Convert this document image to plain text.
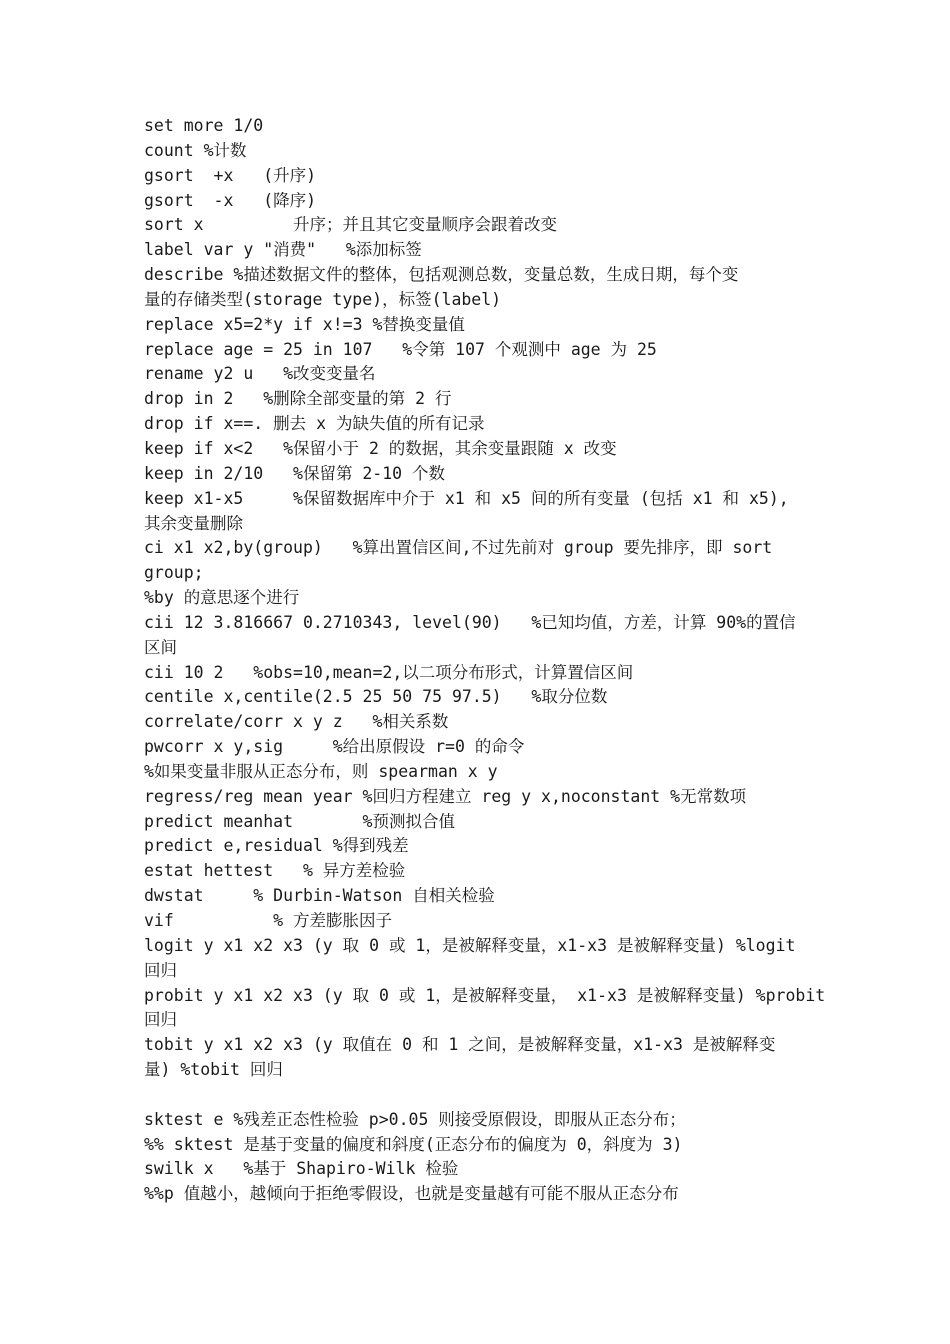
set more 1/0
count %计数
gsort  +x   (升序)
gsort  -x   (降序)
sort x         升序；并且其它变量顺序会跟着改变
label var y "消费"   %添加标签
describe %描述数据文件的整体，包括观测总数，变量总数，生成日期，每个变
量的存储类型(storage type)，标签(label)
replace x5=2*y if x!=3 %替换变量值
replace age = 25 in 107   %令第 107 个观测中 age 为 25
rename y2 u   %改变变量名
drop in 2   %删除全部变量的第 2 行
drop if x==. 删去 x 为缺失值的所有记录
keep if x<2   %保留小于 2 的数据，其余变量跟随 x 改变
keep in 2/10   %保留第 2-10 个数
keep x1-x5     %保留数据库中介于 x1 和 x5 间的所有变量 (包括 x1 和 x5),
其余变量删除
ci x1 x2,by(group)   %算出置信区间,不过先前对 group 要先排序，即 sort
group;
%by 的意思逐个进行
cii 12 3.816667 0.2710343, level(90)   %已知均值，方差，计算 90%的置信
区间
cii 10 2   %obs=10,mean=2,以二项分布形式，计算置信区间
centile x,centile(2.5 25 50 75 97.5)   %取分位数
correlate/corr x y z   %相关系数
pwcorr x y,sig     %给出原假设 r=0 的命令
%如果变量非服从正态分布，则 spearman x y
regress/reg mean year %回归方程建立 reg y x,noconstant %无常数项
predict meanhat       %预测拟合值
predict e,residual %得到残差
estat hettest   % 异方差检验
dwstat     % Durbin-Watson 自相关检验
vif          % 方差膨胀因子
logit y x1 x2 x3 (y 取 0 或 1，是被解释变量，x1-x3 是被解释变量) %logit
回归
probit y x1 x2 x3 (y 取 0 或 1，是被解释变量， x1-x3 是被解释变量) %probit
回归
tobit y x1 x2 x3 (y 取值在 0 和 1 之间，是被解释变量，x1-x3 是被解释变
量) %tobit 回归
sktest e %残差正态性检验 p>0.05 则接受原假设，即服从正态分布；
%% sktest 是基于变量的偏度和斜度(正态分布的偏度为 0，斜度为 3)
swilk x   %基于 Shapiro-Wilk 检验
%%p 值越小，越倾向于拒绝零假设，也就是变量越有可能不服从正态分布
